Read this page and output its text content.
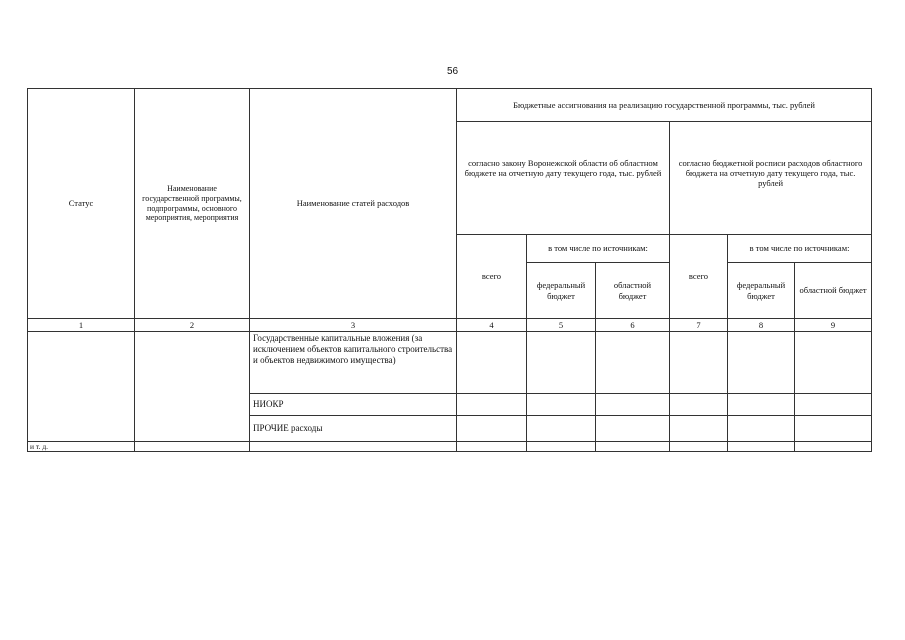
56
Статус	Наименование государственной программы, подпрограммы, основного мероприятия, мероприятия	Наименование статей расходов	Бюджетные ассигнования на реализацию государственной программы, тыс. рублей					
			согласно закону Воронежской области об областном бюджете на отчетную дату текущего года, тыс. рублей			согласно бюджетной росписи расходов областного бюджета на отчетную дату текущего года, тыс. рублей		
			всего	в том числе по источникам:		всего	в том числе по источникам:	
				федеральный бюджет	областной бюджет		федеральный бюджет	областной бюджет
1	2	3	4	5	6	7	8	9
		Государственные капитальные вложения (за исключением объектов капитального строительства и объектов недвижимого имущества)						
		НИОКР						
		ПРОЧИЕ расходы						
и т. д.								
